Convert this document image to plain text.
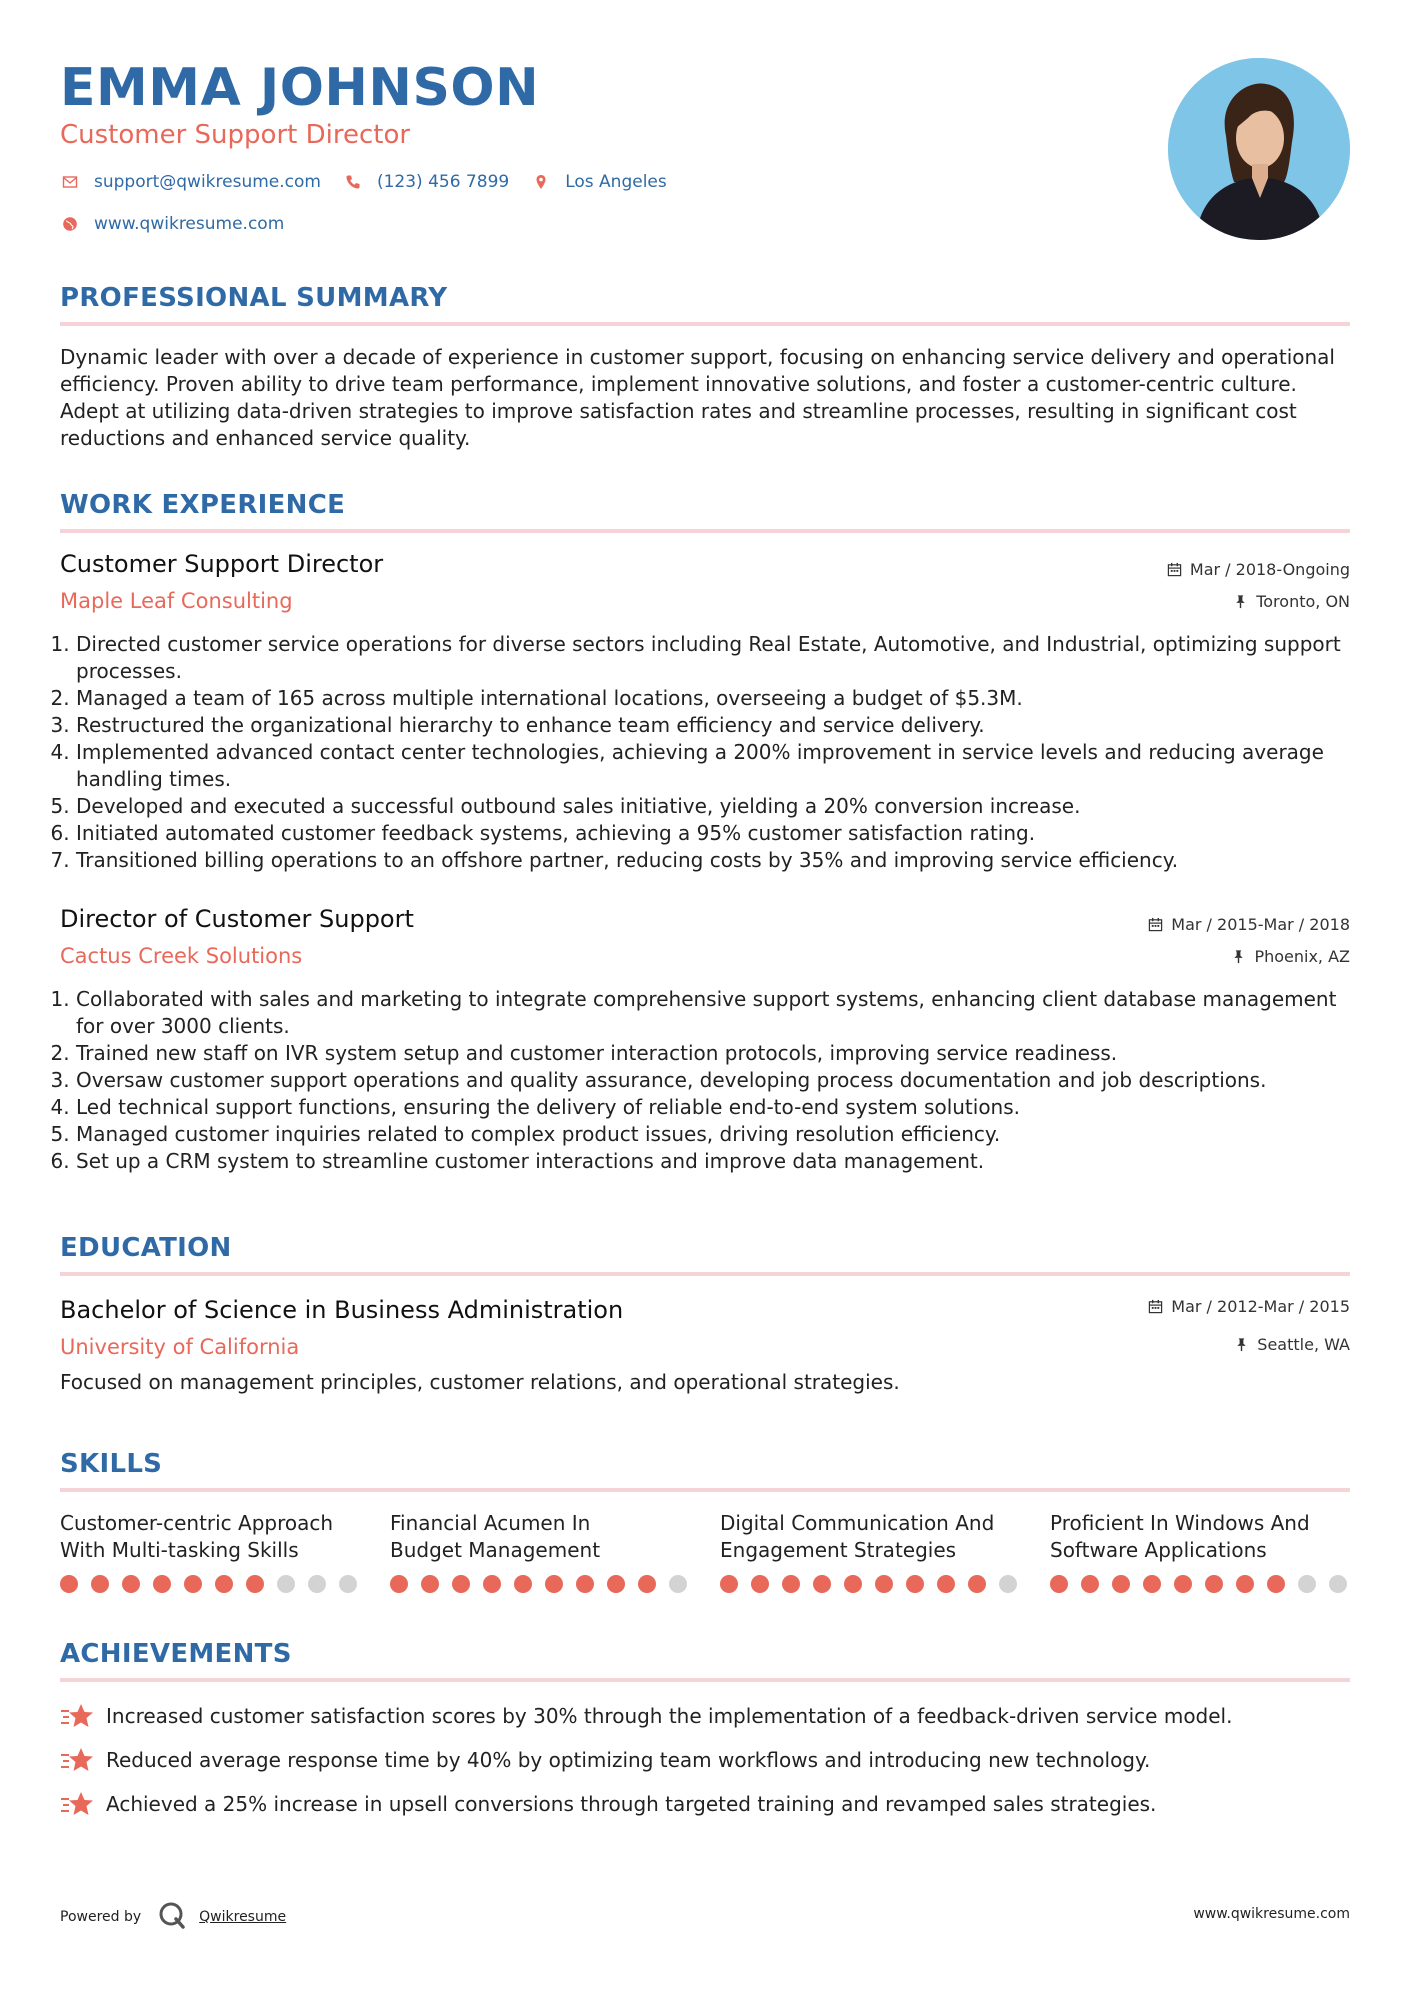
EMMA JOHNSON
Customer Support Director
support@qwikresume.com	(123) 456 7899	Los Angeles
www.qwikresume.com
PROFESSIONAL SUMMARY
Dynamic leader with over a decade of experience in customer support, focusing on enhancing service delivery and operational efficiency. Proven ability to drive team performance, implement innovative solutions, and foster a customer-centric culture. Adept at utilizing data-driven strategies to improve satisfaction rates and streamline processes, resulting in significant cost reductions and enhanced service quality.
WORK EXPERIENCE
Customer Support Director
Maple Leaf Consulting
Mar / 2018-Ongoing
Toronto, ON
1. Directed customer service operations for diverse sectors including Real Estate, Automotive, and Industrial, optimizing support processes.
2. Managed a team of 165 across multiple international locations, overseeing a budget of $5.3M.
3. Restructured the organizational hierarchy to enhance team efficiency and service delivery.
4. Implemented advanced contact center technologies, achieving a 200% improvement in service levels and reducing average handling times.
5. Developed and executed a successful outbound sales initiative, yielding a 20% conversion increase.
6. Initiated automated customer feedback systems, achieving a 95% customer satisfaction rating.
7. Transitioned billing operations to an offshore partner, reducing costs by 35% and improving service efficiency.
Director of Customer Support
Cactus Creek Solutions
Mar / 2015-Mar / 2018
Phoenix, AZ
1. Collaborated with sales and marketing to integrate comprehensive support systems, enhancing client database management for over 3000 clients.
2. Trained new staff on IVR system setup and customer interaction protocols, improving service readiness.
3. Oversaw customer support operations and quality assurance, developing process documentation and job descriptions.
4. Led technical support functions, ensuring the delivery of reliable end-to-end system solutions.
5. Managed customer inquiries related to complex product issues, driving resolution efficiency.
6. Set up a CRM system to streamline customer interactions and improve data management.
EDUCATION
Bachelor of Science in Business Administration
University of California
Mar / 2012-Mar / 2015
Seattle, WA
Focused on management principles, customer relations, and operational strategies.
SKILLS
Customer-centric Approach
With Multi-tasking Skills
Financial Acumen In
Budget Management
Digital Communication And
Engagement Strategies
Proficient In Windows And
Software Applications
ACHIEVEMENTS
Increased customer satisfaction scores by 30% through the implementation of a feedback-driven service model.
Reduced average response time by 40% by optimizing team workflows and introducing new technology.
Achieved a 25% increase in upsell conversions through targeted training and revamped sales strategies.
Powered by	Qwikresume	www.qwikresume.com
